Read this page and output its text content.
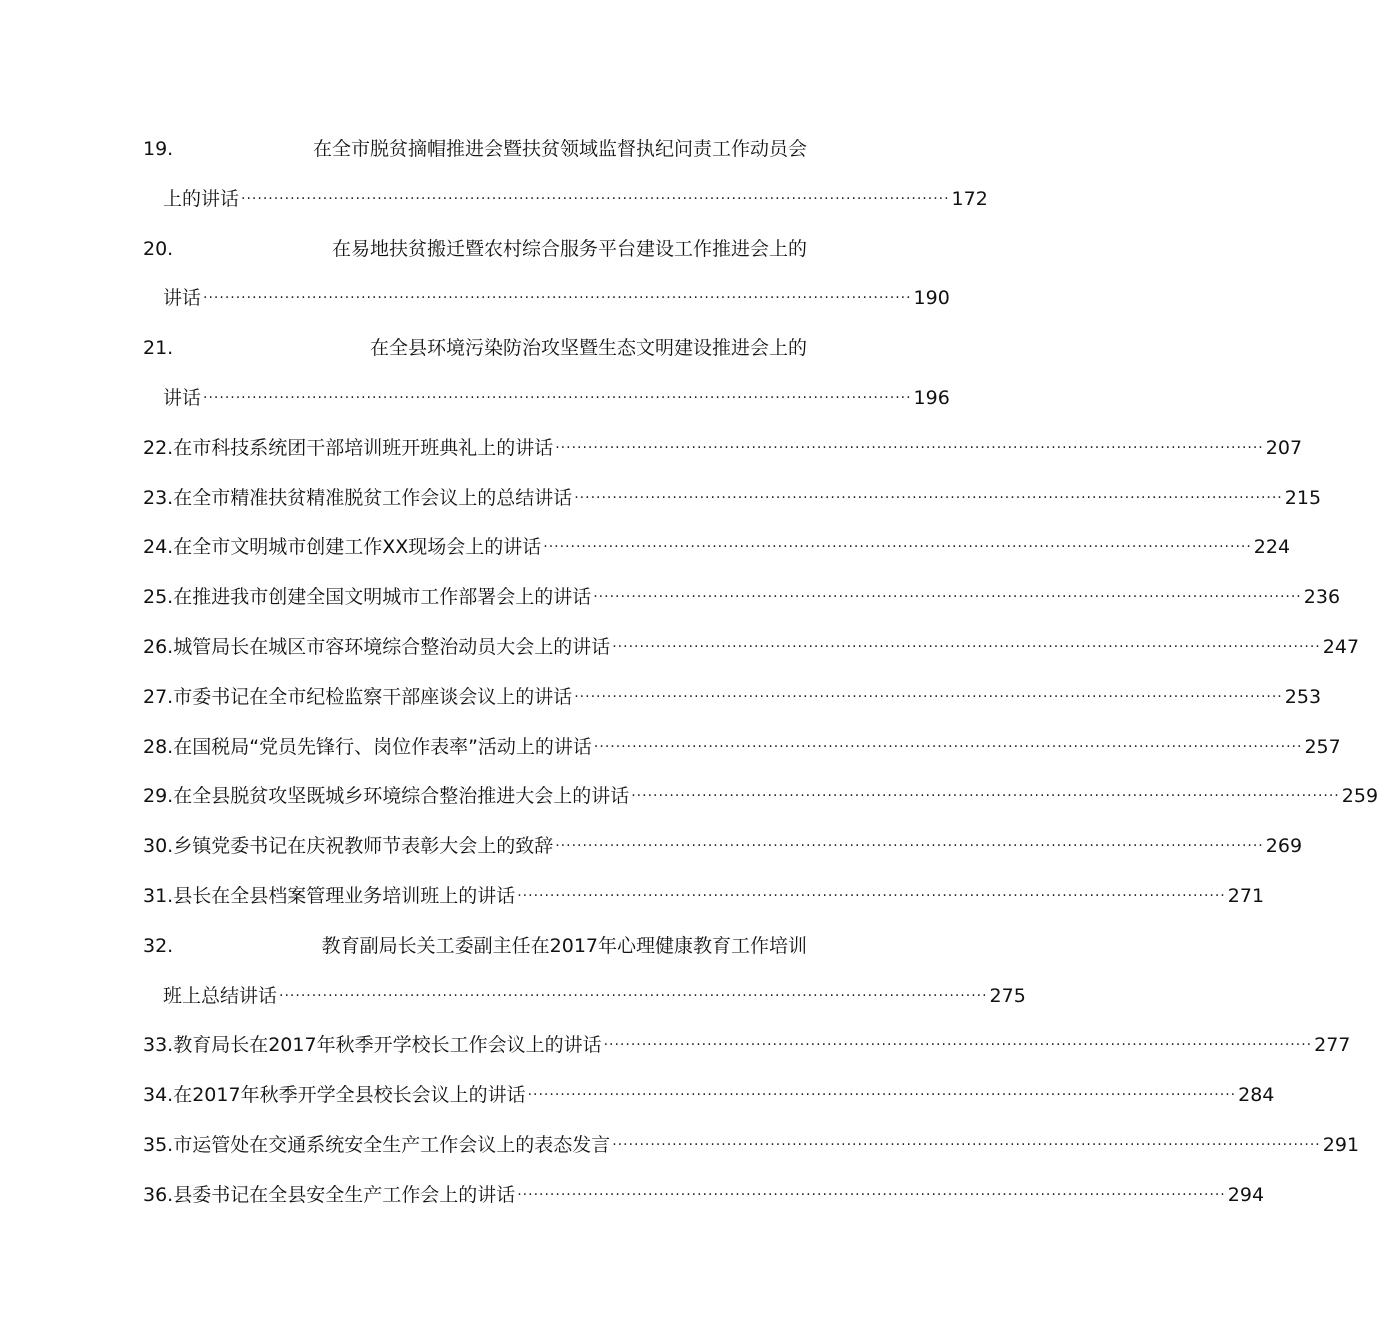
19.	在全市脱贫摘帽推进会暨扶贫领域监督执纪问责工作动员会
上的讲话 ·································································································································· 172
20.	在易地扶贫搬迁暨农村综合服务平台建设工作推进会上的
讲话 ·································································································································· 190
21.	在全县环境污染防治攻坚暨生态文明建设推进会上的
讲话 ·································································································································· 196
22.在市科技系统团干部培训班开班典礼上的讲话 ·································································································································· 207
23.在全市精准扶贫精准脱贫工作会议上的总结讲话 ·································································································································· 215
24.在全市文明城市创建工作XX现场会上的讲话 ·································································································································· 224
25.在推进我市创建全国文明城市工作部署会上的讲话 ·································································································································· 236
26.城管局长在城区市容环境综合整治动员大会上的讲话 ·································································································································· 247
27.市委书记在全市纪检监察干部座谈会议上的讲话 ·································································································································· 253
28.在国税局“党员先锋行、岗位作表率”活动上的讲话 ·································································································································· 257
29.在全县脱贫攻坚既城乡环境综合整治推进大会上的讲话 ·································································································································· 259
30.乡镇党委书记在庆祝教师节表彰大会上的致辞 ·································································································································· 269
31.县长在全县档案管理业务培训班上的讲话 ·································································································································· 271
32.	教育副局长关工委副主任在2017年心理健康教育工作培训
班上总结讲话 ·································································································································· 275
33.教育局长在2017年秋季开学校长工作会议上的讲话 ·································································································································· 277
34.在2017年秋季开学全县校长会议上的讲话 ·································································································································· 284
35.市运管处在交通系统安全生产工作会议上的表态发言 ·································································································································· 291
36.县委书记在全县安全生产工作会上的讲话 ·································································································································· 294
